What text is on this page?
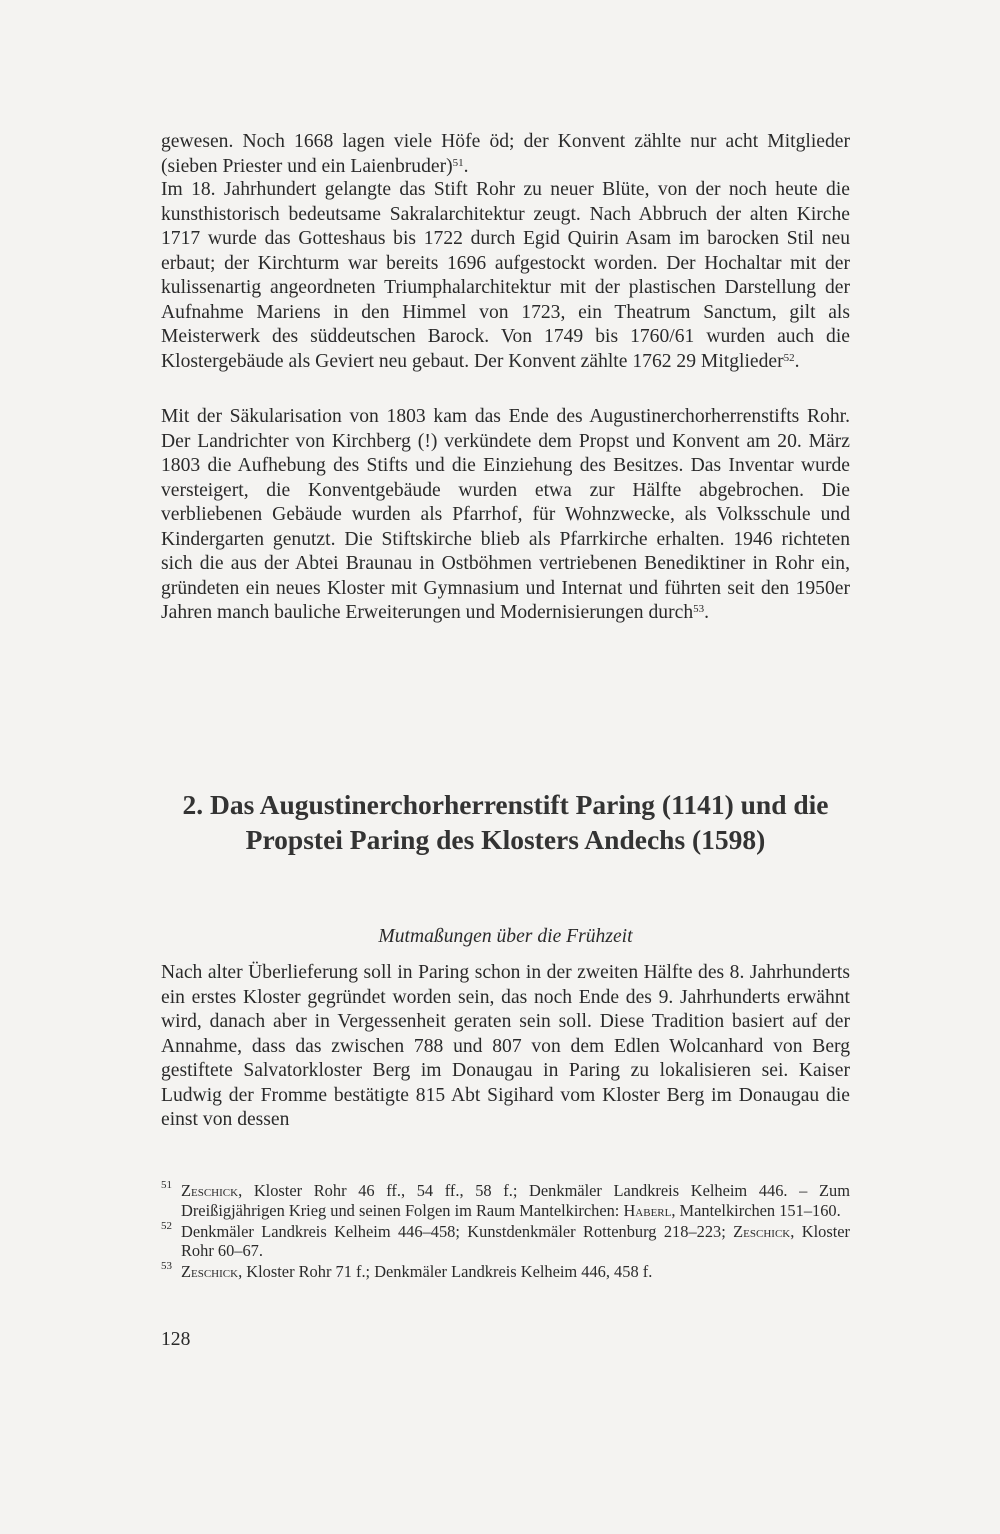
gewesen. Noch 1668 lagen viele Höfe öd; der Konvent zählte nur acht Mitglieder (sieben Priester und ein Laienbruder)$^{51}$.

Im 18. Jahrhundert gelangte das Stift Rohr zu neuer Blüte, von der noch heute die kunsthistorisch bedeutsame Sakralarchitektur zeugt. Nach Abbruch der alten Kirche 1717 wurde das Gotteshaus bis 1722 durch Egid Quirin Asam im barocken Stil neu erbaut; der Kirchturm war bereits 1696 aufgestockt worden. Der Hochaltar mit der kulissenartig angeordneten Triumphalarchitektur mit der plastischen Darstellung der Aufnahme Mariens in den Himmel von 1723, ein Theatrum Sanctum, gilt als Meisterwerk des süddeutschen Barock. Von 1749 bis 1760/61 wurden auch die Klostergebäude als Geviert neu gebaut. Der Konvent zählte 1762 29 Mitglieder$^{52}$.

Mit der Säkularisation von 1803 kam das Ende des Augustinerchorherrenstifts Rohr. Der Landrichter von Kirchberg (!) verkündete dem Propst und Konvent am 20. März 1803 die Aufhebung des Stifts und die Einziehung des Besitzes. Das Inventar wurde versteigert, die Konventgebäude wurden etwa zur Hälfte abgebrochen. Die verbliebenen Gebäude wurden als Pfarrhof, für Wohnzwecke, als Volksschule und Kindergarten genutzt. Die Stiftskirche blieb als Pfarrkirche erhalten. 1946 richteten sich die aus der Abtei Braunau in Ostböhmen vertriebenen Benediktiner in Rohr ein, gründeten ein neues Kloster mit Gymnasium und Internat und führten seit den 1950er Jahren manch bauliche Erweiterungen und Modernisierungen durch$^{53}$.

2. Das Augustinerchorherrenstift Paring (1141) und die
Propstei Paring des Klosters Andechs (1598)
Mutmaßungen über die Frühzeit

Nach alter Überlieferung soll in Paring schon in der zweiten Hälfte des 8. Jahrhunderts ein erstes Kloster gegründet worden sein, das noch Ende des 9. Jahrhunderts erwähnt wird, danach aber in Vergessenheit geraten sein soll. Diese Tradition basiert auf der Annahme, dass das zwischen 788 und 807 von dem Edlen Wolcanhard von Berg gestiftete Salvatorkloster Berg im Donaugau in Paring zu lokalisieren sei. Kaiser Ludwig der Fromme bestätigte 815 Abt Sigihard vom Kloster Berg im Donaugau die einst von dessen

51 Zeschick, Kloster Rohr 46 ff., 54 ff., 58 f.; Denkmäler Landkreis Kelheim 446. – Zum Dreißigjährigen Krieg und seinen Folgen im Raum Mantelkirchen: Haberl, Mantelkirchen 151–160.

52 Denkmäler Landkreis Kelheim 446–458; Kunstdenkmäler Rottenburg 218–223; Zeschick, Kloster Rohr 60–67.

53 Zeschick, Kloster Rohr 71 f.; Denkmäler Landkreis Kelheim 446, 458 f.

128
